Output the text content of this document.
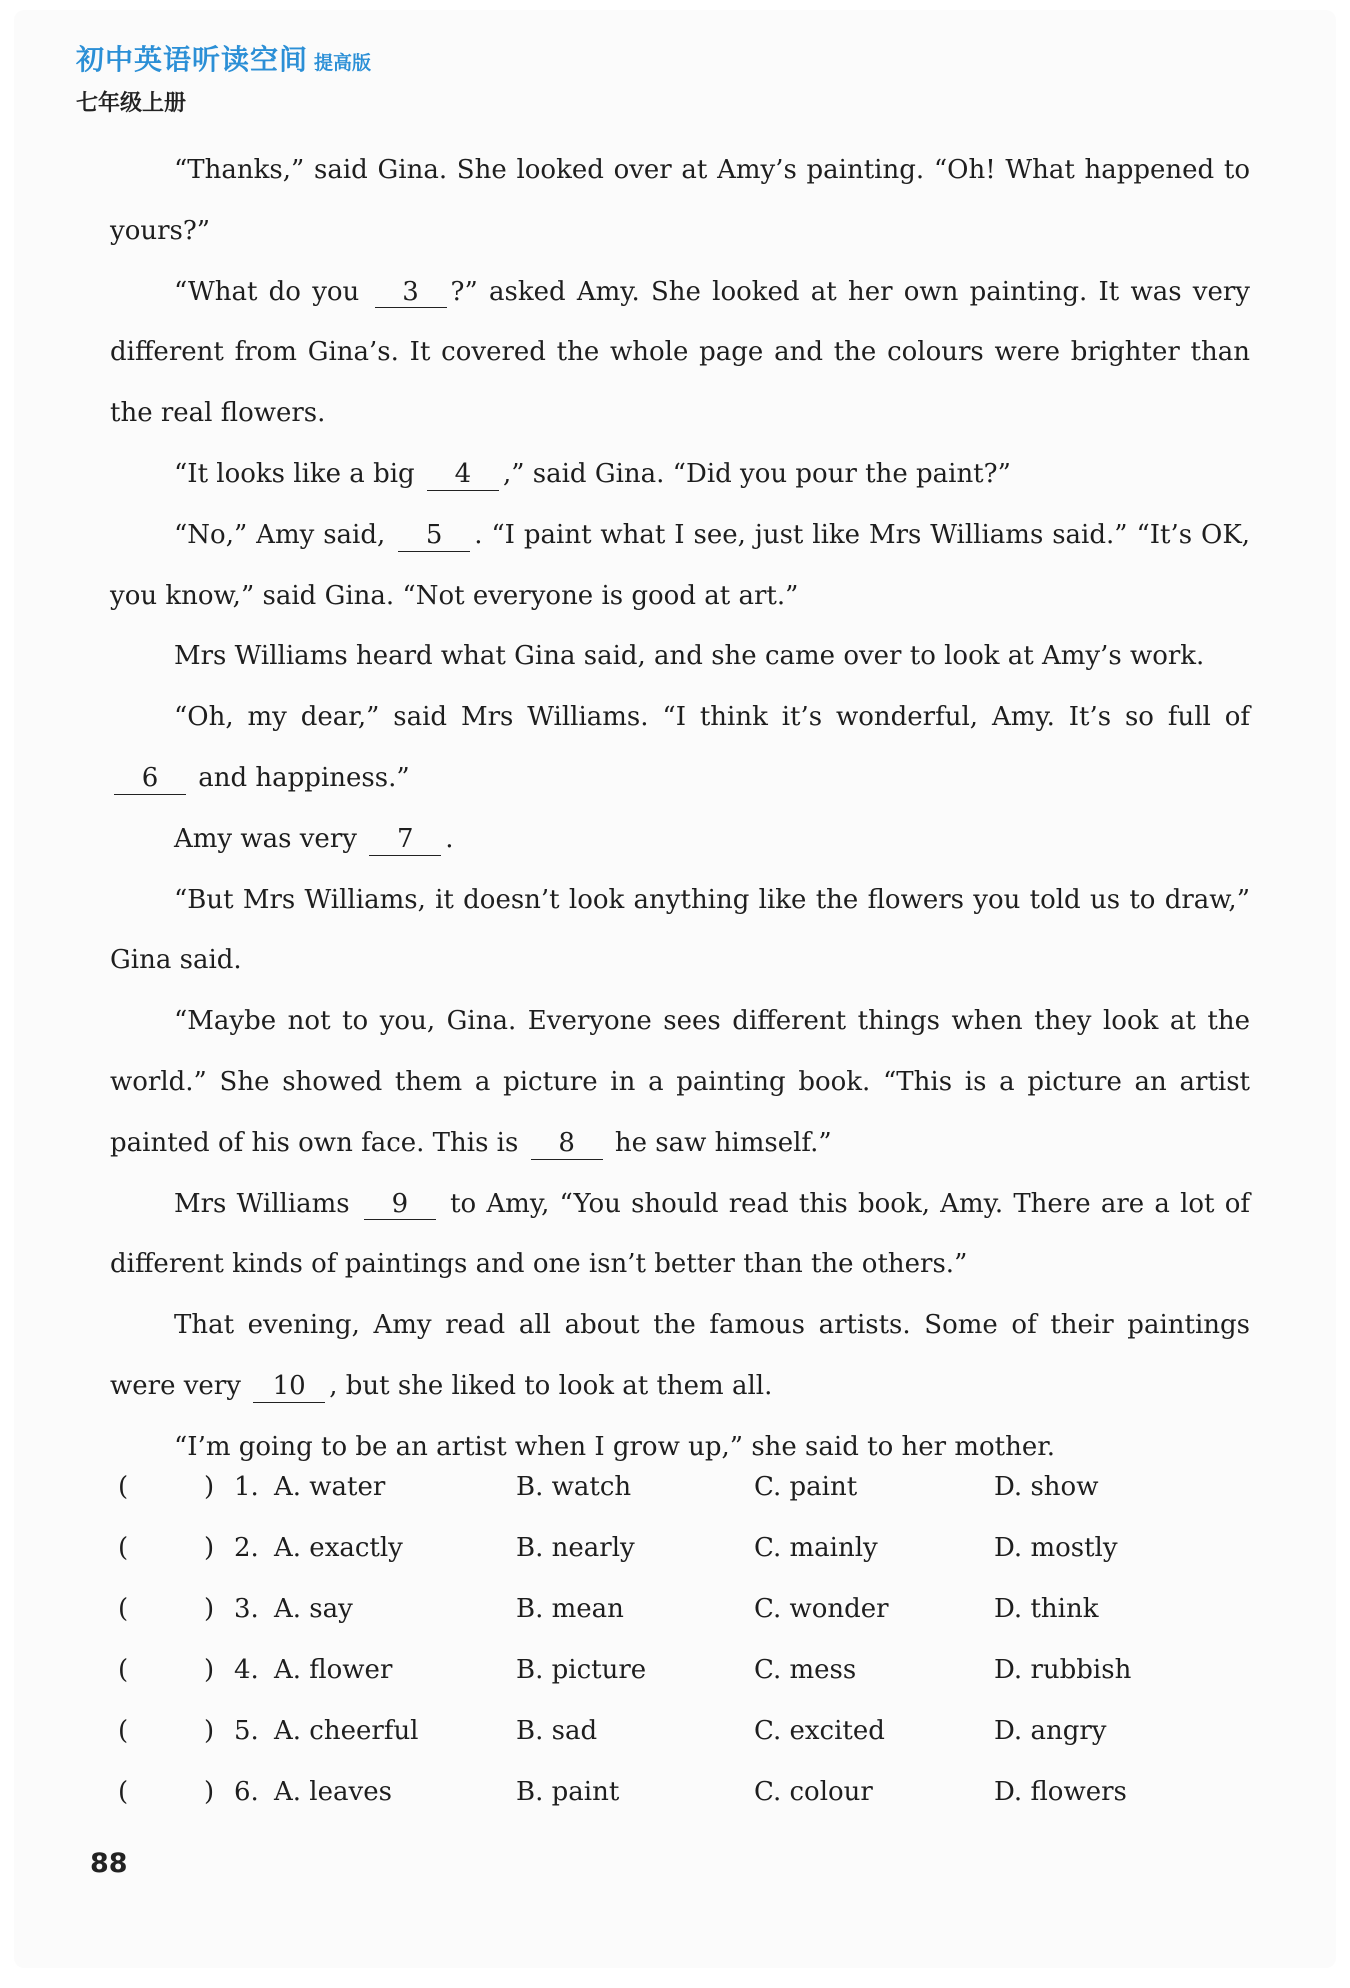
初中英语听读空间 提高版
七年级上册

“Thanks,” said Gina. She looked over at Amy’s painting. “Oh! What happened to yours?”

“What do you 3 ?” asked Amy. She looked at her own painting. It was very different from Gina’s. It covered the whole page and the colours were brighter than the real flowers.

“It looks like a big 4 ,” said Gina. “Did you pour the paint?”

“No,” Amy said, 5 . “I paint what I see, just like Mrs Williams said.” “It’s OK, you know,” said Gina. “Not everyone is good at art.”

Mrs Williams heard what Gina said, and she came over to look at Amy’s work.

“Oh, my dear,” said Mrs Williams. “I think it’s wonderful, Amy. It’s so full of 6 and happiness.”

Amy was very 7 .

“But Mrs Williams, it doesn’t look anything like the flowers you told us to draw,” Gina said.

“Maybe not to you, Gina. Everyone sees different things when they look at the world.” She showed them a picture in a painting book. “This is a picture an artist painted of his own face. This is 8 he saw himself.”

Mrs Williams 9 to Amy, “You should read this book, Amy. There are a lot of different kinds of paintings and one isn’t better than the others.”

That evening, Amy read all about the famous artists. Some of their paintings were very 10 , but she liked to look at them all.

“I’m going to be an artist when I grow up,” she said to her mother.

(	) 1. A. water	B. watch	C. paint	D. show
(	) 2. A. exactly	B. nearly	C. mainly	D. mostly
(	) 3. A. say	B. mean	C. wonder	D. think
(	) 4. A. flower	B. picture	C. mess	D. rubbish
(	) 5. A. cheerful	B. sad	C. excited	D. angry
(	) 6. A. leaves	B. paint	C. colour	D. flowers
88
